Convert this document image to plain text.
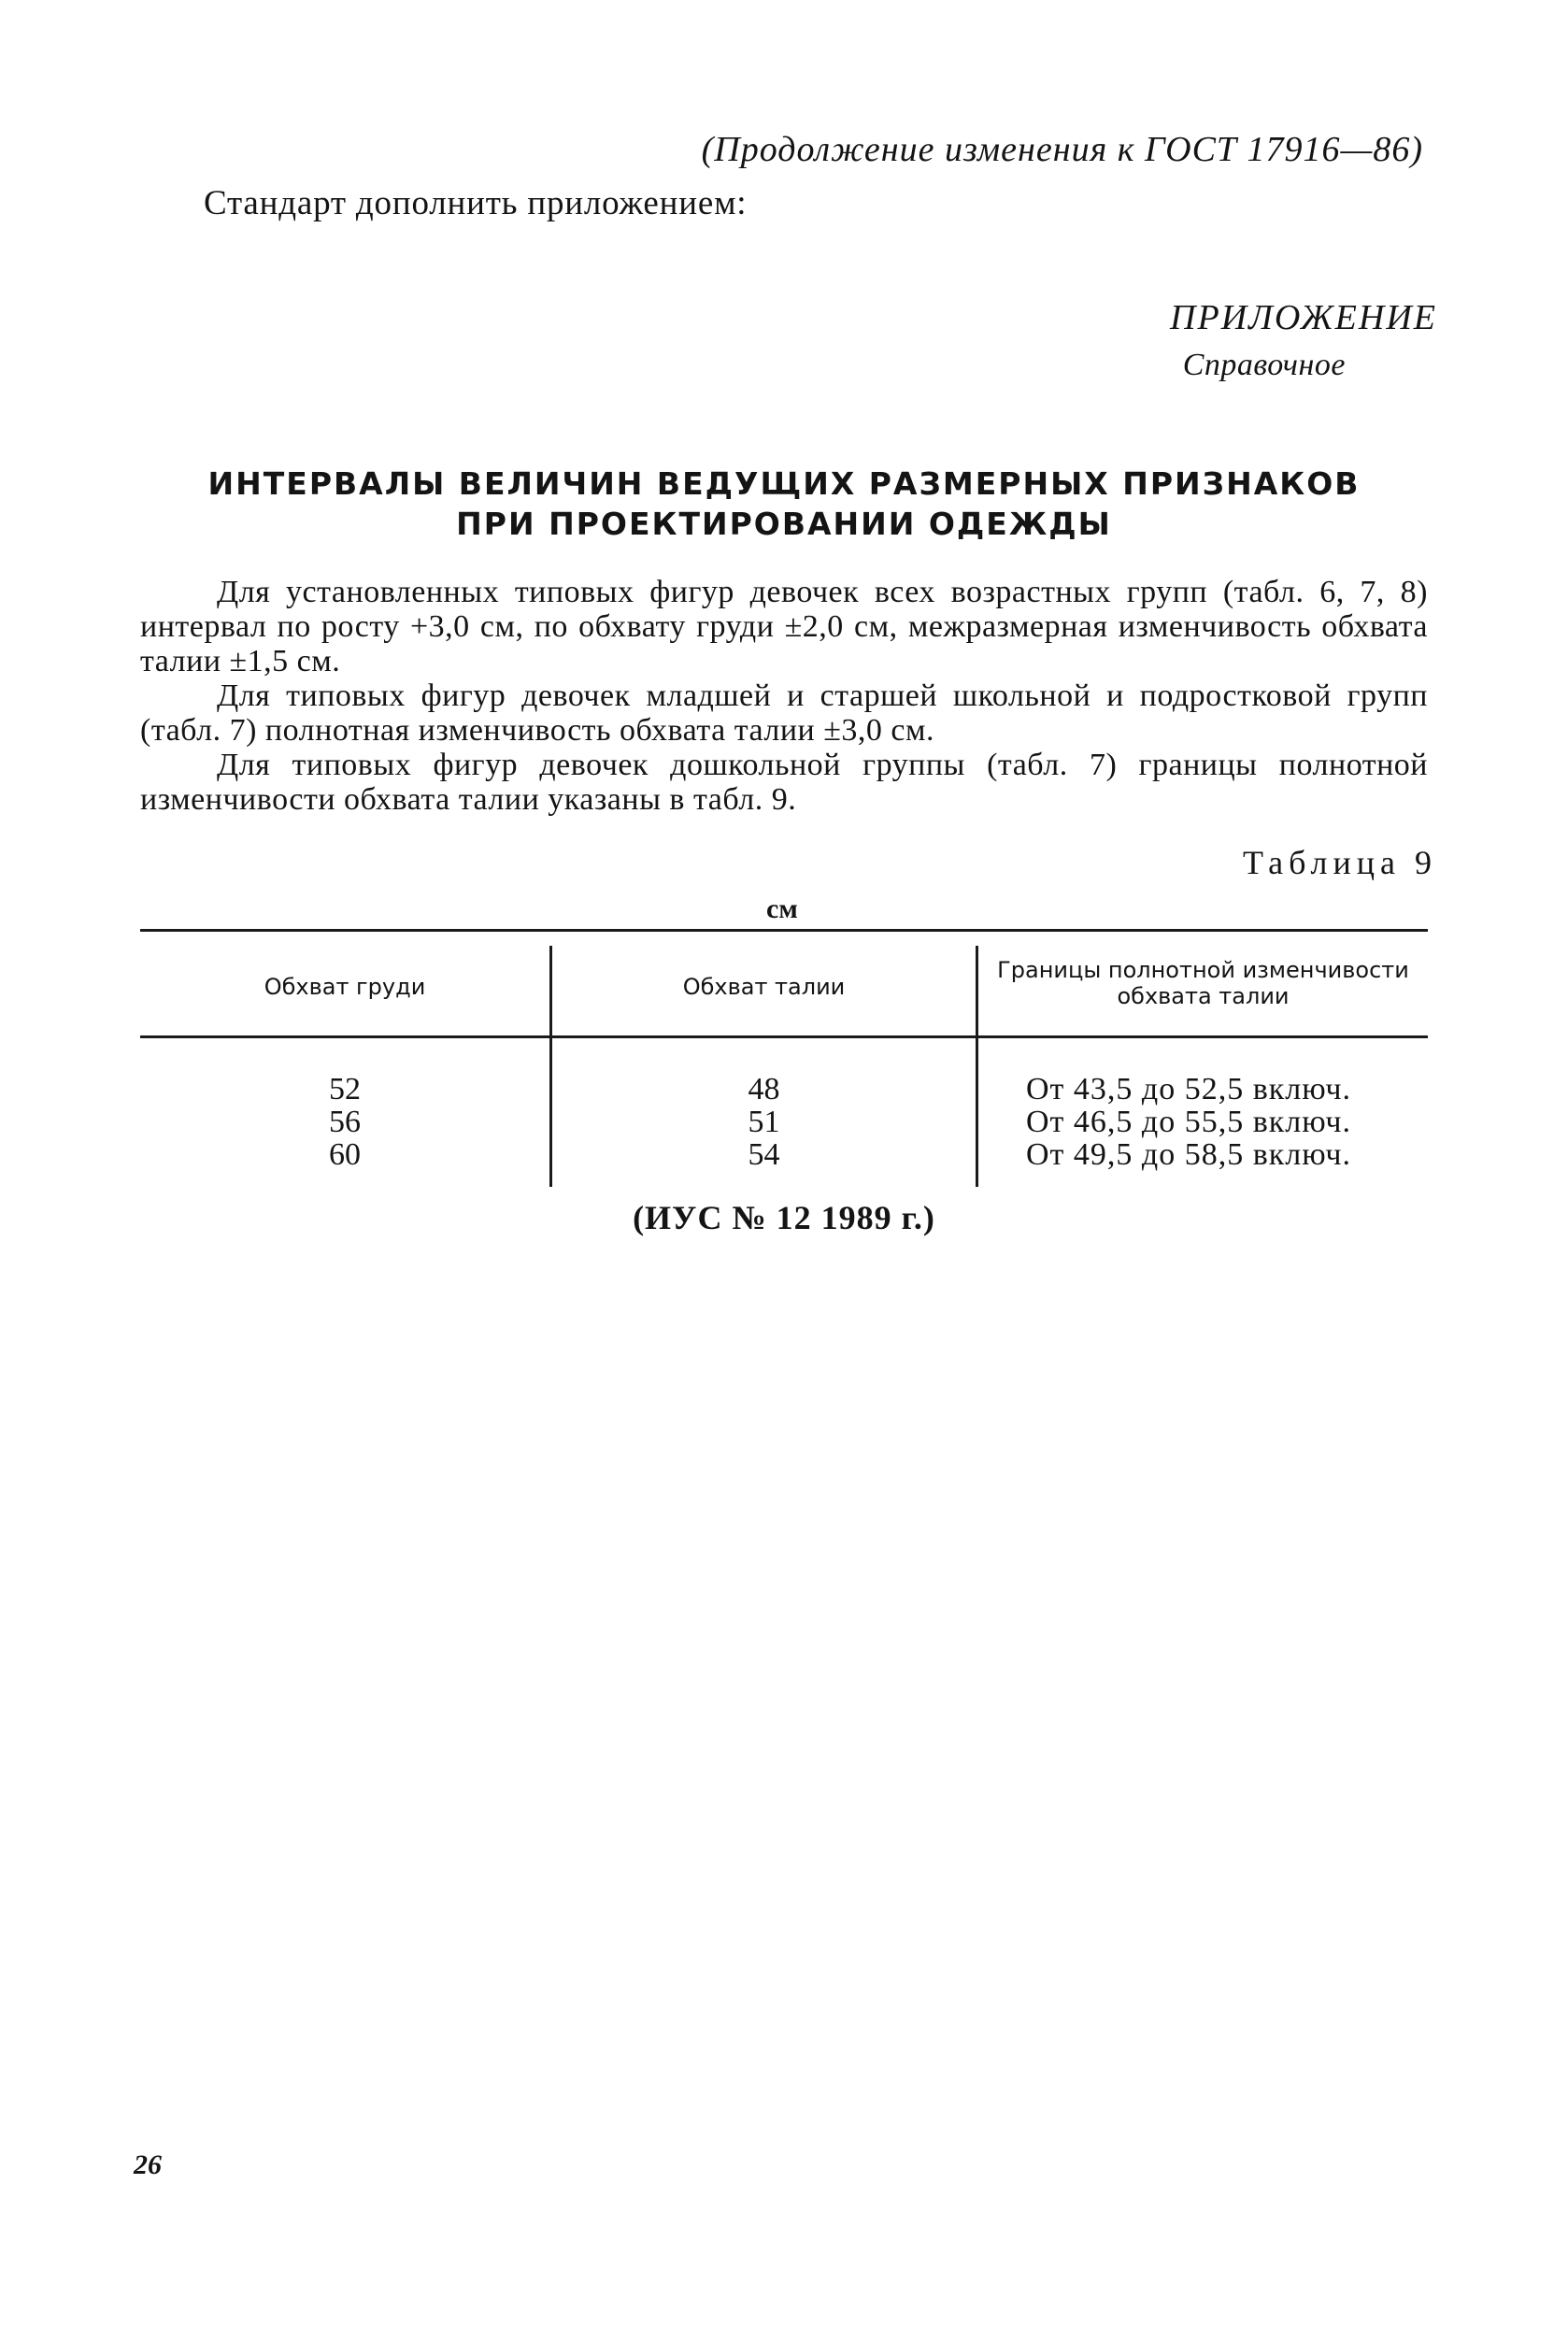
(Продолжение изменения к ГОСТ 17916—86)
Стандарт дополнить приложением:
ПРИЛОЖЕНИЕ
Справочное
ИНТЕРВАЛЫ ВЕЛИЧИН ВЕДУЩИХ РАЗМЕРНЫХ ПРИЗНАКОВ
ПРИ ПРОЕКТИРОВАНИИ ОДЕЖДЫ

Для установленных типовых фигур девочек всех возрастных групп (табл. 6, 7, 8) интервал по росту +3,0 см, по обхвату груди ±2,0 см, межразмерная изменчивость обхвата талии ±1,5 см.

Для типовых фигур девочек младшей и старшей школьной и подростковой групп (табл. 7) полнотная изменчивость обхвата талии ±3,0 см.

Для типовых фигур девочек дошкольной группы (табл. 7) границы полнотной изменчивости обхвата талии указаны в табл. 9.

Таблица 9
см
Обхват груди	Обхват талии
Границы полнотной изменчивости обхвата талии
52
56
60
48
51
54
От 43,5 до 52,5 включ.
От 46,5 до 55,5 включ.
От 49,5 до 58,5 включ.
(ИУС № 12 1989 г.)
26
